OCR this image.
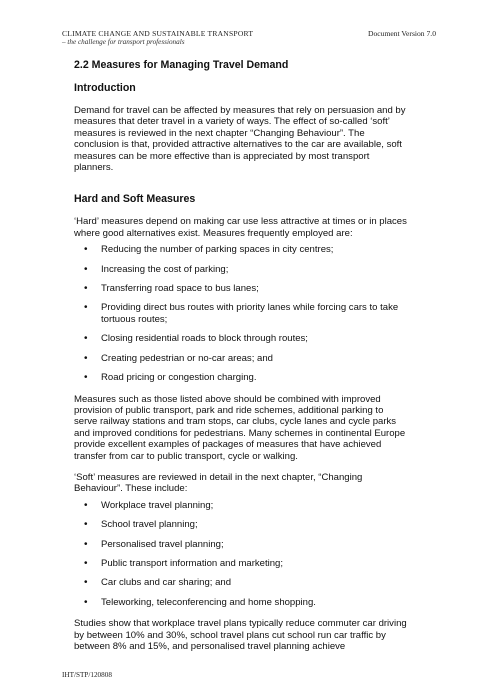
CLIMATE CHANGE AND SUSTAINABLE TRANSPORT
– the challenge for transport professionals
Document Version 7.0
2.2 Measures for Managing Travel Demand
Introduction

Demand for travel can be affected by measures that rely on persuasion and by measures that deter travel in a variety of ways. The effect of so-called ‘soft’ measures is reviewed in the next chapter “Changing Behaviour”. The conclusion is that, provided attractive alternatives to the car are available, soft measures can be more effective than is appreciated by most transport planners.

Hard and Soft Measures

‘Hard’ measures depend on making car use less attractive at times or in places where good alternatives exist. Measures frequently employed are:

• Reducing the number of parking spaces in city centres;
• Increasing the cost of parking;
• Transferring road space to bus lanes;
• Providing direct bus routes with priority lanes while forcing cars to take tortuous routes;
• Closing residential roads to block through routes;
• Creating pedestrian or no-car areas; and
• Road pricing or congestion charging.

Measures such as those listed above should be combined with improved provision of public transport, park and ride schemes, additional parking to serve railway stations and tram stops, car clubs, cycle lanes and cycle parks and improved conditions for pedestrians. Many schemes in continental Europe provide excellent examples of packages of measures that have achieved transfer from car to public transport, cycle or walking.

‘Soft’ measures are reviewed in detail in the next chapter, “Changing Behaviour”. These include:

• Workplace travel planning;
• School travel planning;
• Personalised travel planning;
• Public transport information and marketing;
• Car clubs and car sharing; and
• Teleworking, teleconferencing and home shopping.

Studies show that workplace travel plans typically reduce commuter car driving by between 10% and 30%, school travel plans cut school run car traffic by between 8% and 15%, and personalised travel planning achieve

IHT/STP/120808
